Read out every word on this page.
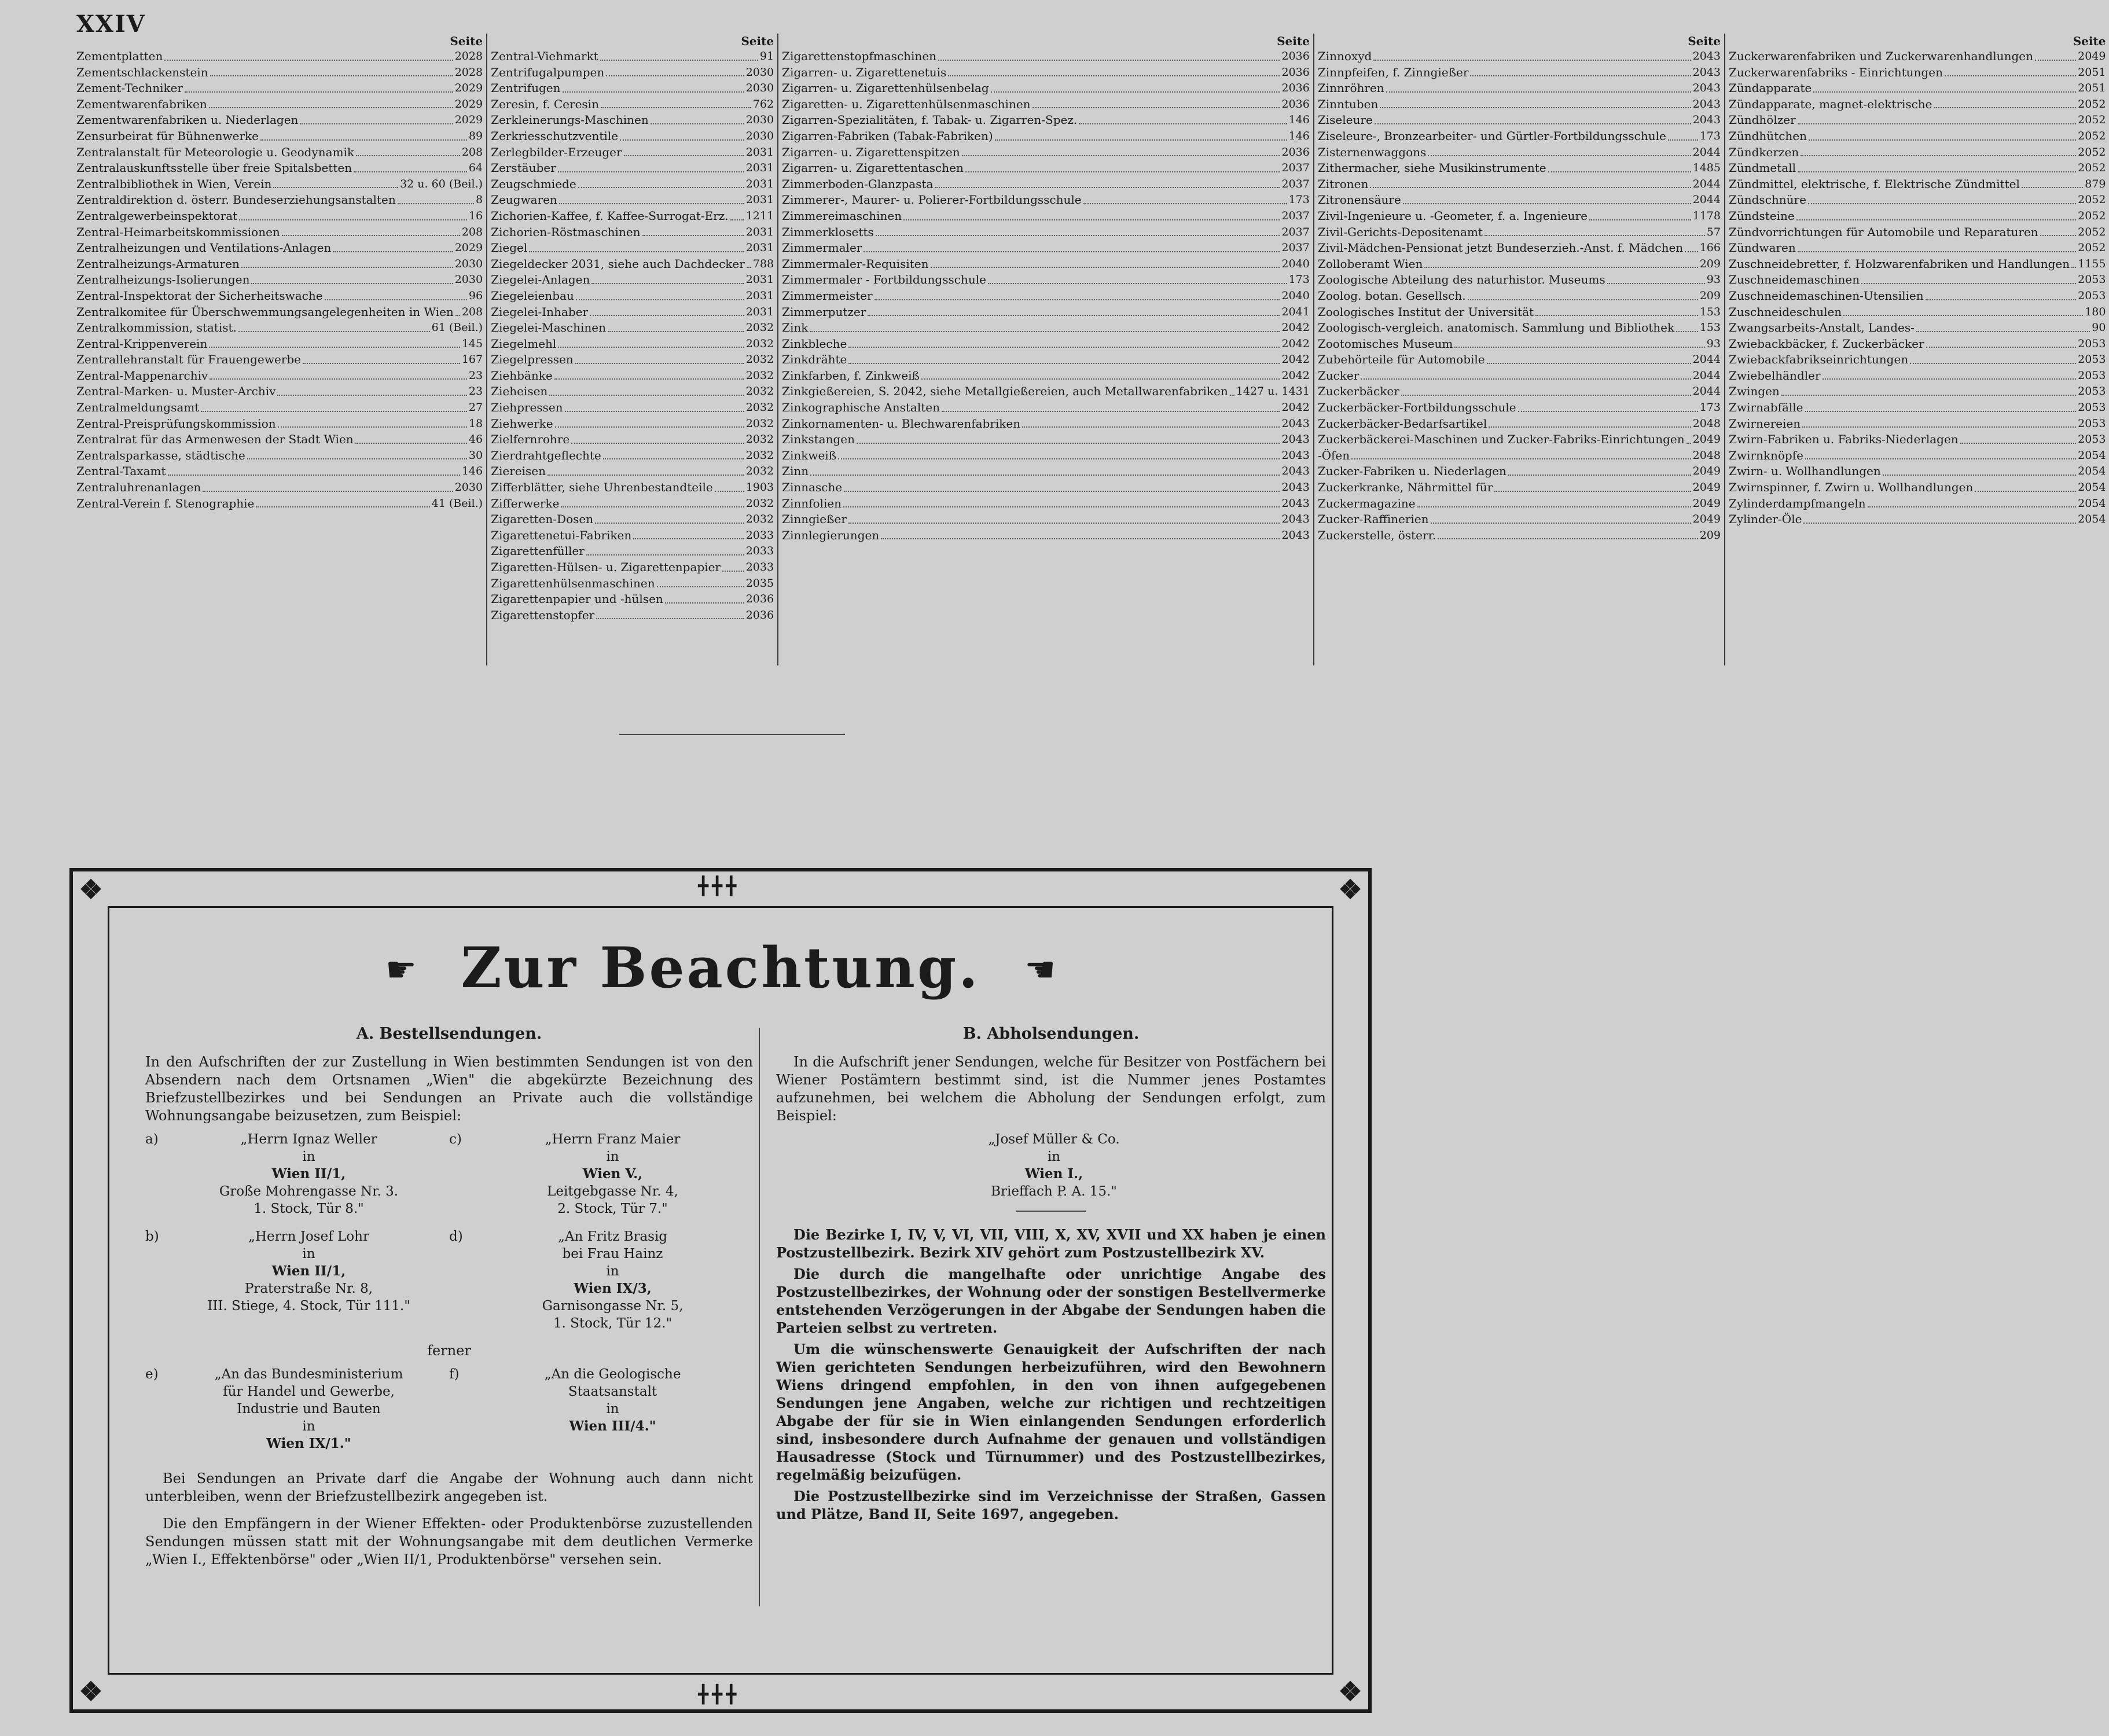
XXIV
Seite
Zementplatten	2028
Zementschlackenstein	2028
Zement-Techniker	2029
Zementwarenfabriken	2029
Zementwarenfabriken u. Niederlagen	2029
Zensurbeirat für Bühnenwerke	89
Zentralanstalt für Meteorologie u. Geodynamik	208
Zentralauskunftsstelle über freie Spitalsbetten	64
Zentralbibliothek in Wien, Verein	32 u. 60 (Beil.)
Zentraldirektion d. österr. Bundeserziehungsanstalten	8
Zentralgewerbeinspektorat	16
Zentral-Heimarbeitskommissionen	208
Zentralheizungen und Ventilations-Anlagen	2029
Zentralheizungs-Armaturen	2030
Zentralheizungs-Isolierungen	2030
Zentral-Inspektorat der Sicherheitswache	96
Zentralkomitee für Überschwemmungsangelegenheiten in Wien 208
Zentralkommission, statist.	61 (Beil.)
Zentral-Krippenverein	145
Zentrallehranstalt für Frauengewerbe	167
Zentral-Mappenarchiv	23
Zentral-Marken- u. Muster-Archiv	23
Zentralmeldungsamt	27
Zentral-Preisprüfungskommission	18
Zentralrat für das Armenwesen der Stadt Wien	46
Zentralsparkasse, städtische	30
Zentral-Taxamt	146
Zentraluhrenanlagen	2030
Zentral-Verein f. Stenographie	41 (Beil.)
Seite
Zentral-Viehmarkt	91
Zentrifugalpumpen	2030
Zentrifugen	2030
Zeresin, f. Ceresin	762
Zerkleinerungs-Maschinen	2030
Zerkriesschutzventile	2030
Zerlegbilder-Erzeuger	2031
Zerstäuber	2031
Zeugschmiede	2031
Zeugwaren	2031
Zichorien-Kaffee, f. Kaffee-Surrogat-Erz. 1211
Zichorien-Röstmaschinen	2031
Ziegel	2031
Ziegeldecker 2031, siehe auch Dachdecker 788
Ziegelei-Anlagen	2031
Ziegeleienbau	2031
Ziegelei-Inhaber	2031
Ziegelei-Maschinen	2032
Ziegelmehl	2032
Ziegelpressen	2032
Ziehbänke	2032
Zieheisen	2032
Ziehpressen	2032
Ziehwerke	2032
Zielfernrohre	2032
Zierdrahtgeflechte	2032
Ziereisen	2032
Zifferblätter, siehe Uhrenbestandteile	1903
Zifferwerke	2032
Zigaretten-Dosen	2032
Zigarettenetui-Fabriken	2033
Zigarettenfüller	2033
Zigaretten-Hülsen- u. Zigarettenpapier 2033
Zigarettenhülsenmaschinen	2035
Zigarettenpapier und -hülsen	2036
Zigarettenstopfer	2036
Seite
Zigarettenstopfmaschinen	2036
Zigarren- u. Zigarettenetuis	2036
Zigarren- u. Zigarettenhülsenbelag	2036
Zigaretten- u. Zigarettenhülsenmaschinen	2036
Zigarren-Spezialitäten, f. Tabak- u. Zigarren-Spez.	146
Zigarren-Fabriken (Tabak-Fabriken)	146
Zigarren- u. Zigarettenspitzen	2036
Zigarren- u. Zigarettentaschen	2037
Zimmerboden-Glanzpasta	2037
Zimmerer-, Maurer- u. Polierer-Fortbildungsschule	173
Zimmereimaschinen	2037
Zimmerklosetts	2037
Zimmermaler	2037
Zimmermaler-Requisiten	2040
Zimmermaler - Fortbildungsschule	173
Zimmermeister	2040
Zimmerputzer	2041
Zink	2042
Zinkbleche	2042
Zinkdrähte	2042
Zinkfarben, f. Zinkweiß	2042
Zinkgießereien, S. 2042, siehe Metallgießereien, auch Metallwarenfabriken 1427 u. 1431
Zinkographische Anstalten	2042
Zinkornamenten- u. Blechwarenfabriken	2043
Zinkstangen	2043
Zinkweiß	2043
Zinn	2043
Zinnasche	2043
Zinnfolien	2043
Zinngießer	2043
Zinnlegierungen	2043
Seite
Zinnoxyd	2043
Zinnpfeifen, f. Zinngießer	2043
Zinnröhren	2043
Zinntuben	2043
Ziseleure	2043
Ziseleure-, Bronzearbeiter- und Gürtler-Fortbildungsschule	173
Zisternenwaggons	2044
Zithermacher, siehe Musikinstrumente	1485
Zitronen	2044
Zitronensäure	2044
Zivil-Ingenieure u. -Geometer, f. a. Ingenieure	1178
Zivil-Gerichts-Depositenamt	57
Zivil-Mädchen-Pensionat jetzt Bundeserzieh.-Anst. f. Mädchen 166
Zolloberamt Wien	209
Zoologische Abteilung des naturhistor. Museums	93
Zoolog. botan. Gesellsch.	209
Zoologisches Institut der Universität	153
Zoologisch-vergleich. anatomisch. Sammlung und Bibliothek 153
Zootomisches Museum	93
Zubehörteile für Automobile	2044
Zucker	2044
Zuckerbäcker	2044
Zuckerbäcker-Fortbildungsschule	173
Zuckerbäcker-Bedarfsartikel	2048
Zuckerbäckerei-Maschinen und Zucker-Fabriks-Einrichtungen 2049
-Öfen	2048
Zucker-Fabriken u. Niederlagen	2049
Zuckerkranke, Nährmittel für	2049
Zuckermagazine	2049
Zucker-Raffinerien	2049
Zuckerstelle, österr.	209
Seite
Zuckerwarenfabriken und Zuckerwarenhandlungen	2049
Zuckerwarenfabriks - Einrichtungen	2051
Zündapparate	2051
Zündapparate, magnet-elektrische	2052
Zündhölzer	2052
Zündhütchen	2052
Zündkerzen	2052
Zündmetall	2052
Zündmittel, elektrische, f. Elektrische Zündmittel	879
Zündschnüre	2052
Zündsteine	2052
Zündvorrichtungen für Automobile und Reparaturen	2052
Zündwaren	2052
Zuschneidebretter, f. Holzwarenfabriken und Handlungen 1155
Zuschneidemaschinen	2053
Zuschneidemaschinen-Utensilien	2053
Zuschneideschulen	180
Zwangsarbeits-Anstalt, Landes-	90
Zwiebackbäcker, f. Zuckerbäcker	2053
Zwiebackfabrikseinrichtungen	2053
Zwiebelhändler	2053
Zwingen	2053
Zwirnabfälle	2053
Zwirnereien	2053
Zwirn-Fabriken u. Fabriks-Niederlagen	2053
Zwirnknöpfe	2054
Zwirn- u. Wollhandlungen	2054
Zwirnspinner, f. Zwirn u. Wollhandlungen	2054
Zylinderdampfmangeln	2054
Zylinder-Öle	2054
❖	❖
❖	❖
╋╋╋
╋╋╋
☛ Zur Beachtung.	☚
A. Bestellsendungen.

In den Aufschriften der zur Zustellung in Wien bestimmten Sendungen ist von den Absendern nach dem Ortsnamen „Wien" die abgekürzte Bezeichnung des Briefzustellbezirkes und bei Sendungen an Private auch die vollständige Wohnungsangabe beizusetzen, zum Beispiel:

a)	„Herrn Ignaz Weller
in
Wien II/1,
Große Mohrengasse Nr. 3.
1. Stock, Tür 8."
c)	„Herrn Franz Maier
in
Wien V.,
Leitgebgasse Nr. 4,
2. Stock, Tür 7."
b)	„Herrn Josef Lohr
in
Wien II/1,
Praterstraße Nr. 8,
III. Stiege, 4. Stock, Tür 111."
d)	„An Fritz Brasig
bei Frau Hainz
in
Wien IX/3,
Garnisongasse Nr. 5,
1. Stock, Tür 12."
ferner
e)	„An das Bundesministerium
für Handel und Gewerbe,
Industrie und Bauten
in
Wien IX/1."
f)	„An die Geologische
Staatsanstalt
in
Wien III/4."

Bei Sendungen an Private darf die Angabe der Wohnung auch dann nicht unterbleiben, wenn der Briefzustellbezirk angegeben ist.

Die den Empfängern in der Wiener Effekten- oder Produktenbörse zuzustellenden Sendungen müssen statt mit der Wohnungsangabe mit dem deutlichen Vermerke „Wien I., Effektenbörse" oder „Wien II/1, Produktenbörse" versehen sein.

B. Abholsendungen.

In die Aufschrift jener Sendungen, welche für Besitzer von Postfächern bei Wiener Postämtern bestimmt sind, ist die Nummer jenes Postamtes aufzunehmen, bei welchem die Abholung der Sendungen erfolgt, zum Beispiel:

„Josef Müller & Co.
in
Wien I.,
Brieffach P. A. 15."

Die Bezirke I, IV, V, VI, VII, VIII, X, XV, XVII und XX haben je einen Postzustellbezirk. Bezirk XIV gehört zum Postzustellbezirk XV.

Die durch die mangelhafte oder unrichtige Angabe des Postzustellbezirkes, der Wohnung oder der sonstigen Bestellvermerke entstehenden Verzögerungen in der Abgabe der Sendungen haben die Parteien selbst zu vertreten.

Um die wünschenswerte Genauigkeit der Aufschriften der nach Wien gerichteten Sendungen herbeizuführen, wird den Bewohnern Wiens dringend empfohlen, in den von ihnen aufgegebenen Sendungen jene Angaben, welche zur richtigen und rechtzeitigen Abgabe der für sie in Wien einlangenden Sendungen erforderlich sind, insbesondere durch Aufnahme der genauen und vollständigen Hausadresse (Stock und Türnummer) und des Postzustellbezirkes, regelmäßig beizufügen.

Die Postzustellbezirke sind im Verzeichnisse der Straßen, Gassen und Plätze, Band II, Seite 1697, angegeben.
